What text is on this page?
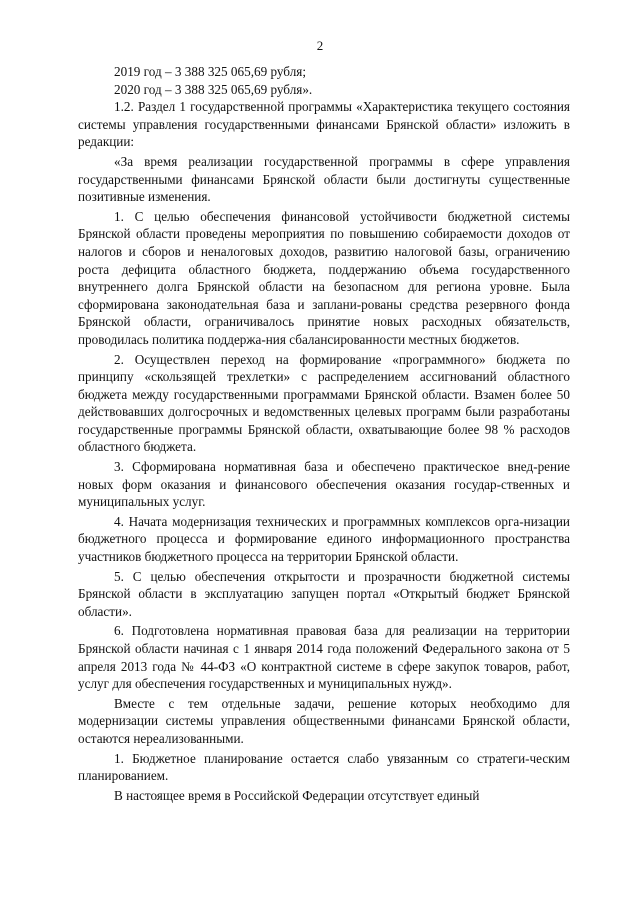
2

2019 год – 3 388 325 065,69 рубля;

2020 год – 3 388 325 065,69 рубля».

1.2. Раздел 1 государственной программы «Характеристика текущего состояния системы управления государственными финансами Брянской области» изложить в редакции:

«За время реализации государственной программы в сфере управления государственными финансами Брянской области были достигнуты существенные позитивные изменения.

1. С целью обеспечения финансовой устойчивости бюджетной системы Брянской области проведены мероприятия по повышению собираемости доходов от налогов и сборов и неналоговых доходов, развитию налоговой базы, ограничению роста дефицита областного бюджета, поддержанию объема государственного внутреннего долга Брянской области на безопасном для региона уровне. Была сформирована законодательная база и заплани-рованы средства резервного фонда Брянской области, ограничивалось принятие новых расходных обязательств, проводилась политика поддержа-ния сбалансированности местных бюджетов.

2. Осуществлен переход на формирование «программного» бюджета по принципу «скользящей трехлетки» с распределением ассигнований областного бюджета между государственными программами Брянской области. Взамен более 50 действовавших долгосрочных и ведомственных целевых программ были разработаны государственные программы Брянской области, охватывающие более 98 % расходов областного бюджета.

3. Сформирована нормативная база и обеспечено практическое внед-рение новых форм оказания и финансового обеспечения оказания государ-ственных и муниципальных услуг.

4. Начата модернизация технических и программных комплексов орга-низации бюджетного процесса и формирование единого информационного пространства участников бюджетного процесса на территории Брянской области.

5. С целью обеспечения открытости и прозрачности бюджетной системы Брянской области в эксплуатацию запущен портал «Открытый бюджет Брянской области».

6. Подготовлена нормативная правовая база для реализации на территории Брянской области начиная с 1 января 2014 года положений Федерального закона от 5 апреля 2013 года № 44-ФЗ «О контрактной системе в сфере закупок товаров, работ, услуг для обеспечения государственных и муниципальных нужд».

Вместе с тем отдельные задачи, решение которых необходимо для модернизации системы управления общественными финансами Брянской области, остаются нереализованными.

1. Бюджетное планирование остается слабо увязанным со стратеги-ческим планированием.

В настоящее время в Российской Федерации отсутствует единый
